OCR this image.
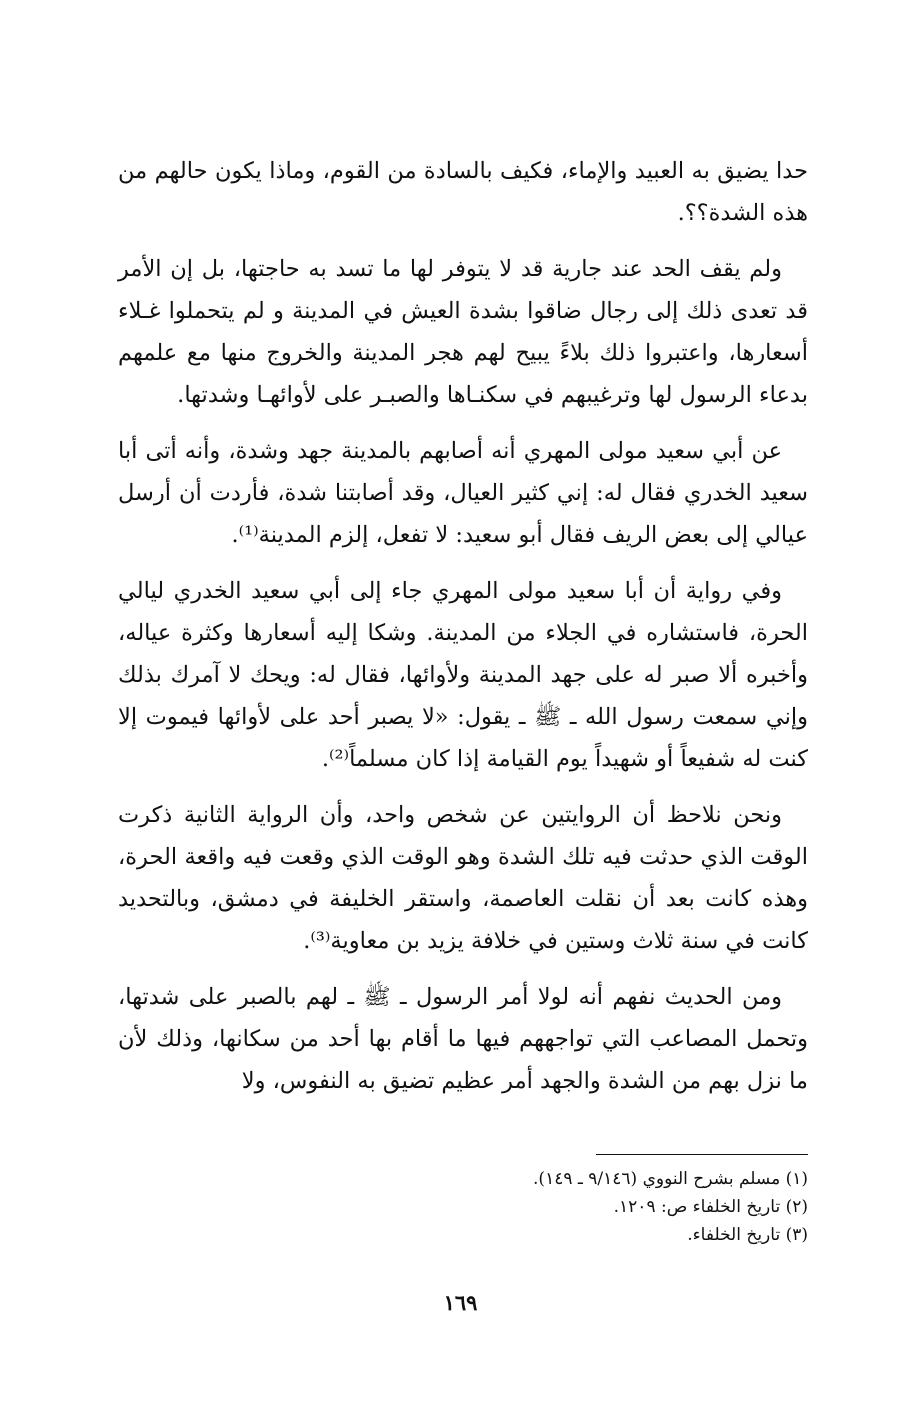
حدا يضيق به العبيد والإماء، فكيف بالسادة من القوم، وماذا يكون حالهم من هذه الشدة؟؟.

ولم يقف الحد عند جارية قد لا يتوفر لها ما تسد به حاجتها، بل إن الأمر قد تعدى ذلك إلى رجال ضاقوا بشدة العيش في المدينة و لم يتحملوا غـلاء أسعارها، واعتبروا ذلك بلاءً يبيح لهم هجر المدينة والخروج منها مع علمهم بدعاء الرسول لها وترغيبهم في سكنـاها والصبـر على لأوائهـا وشدتها.

عن أبي سعيد مولى المهري أنه أصابهم بالمدينة جهد وشدة، وأنه أتى أبا سعيد الخدري فقال له: إني كثير العيال، وقد أصابتنا شدة، فأردت أن أرسل عيالي إلى بعض الريف فقال أبو سعيد: لا تفعل، إلزم المدينة⁽¹⁾.

وفي رواية أن أبا سعيد مولى المهري جاء إلى أبي سعيد الخدري ليالي الحرة، فاستشاره في الجلاء من المدينة. وشكا إليه أسعارها وكثرة عياله، وأخبره ألا صبر له على جهد المدينة ولأوائها، فقال له: ويحك لا آمرك بذلك وإني سمعت رسول الله ـ ﷺ ـ يقول: «لا يصبر أحد على لأوائها فيموت إلا كنت له شفيعاً أو شهيداً يوم القيامة إذا كان مسلماً⁽²⁾.

ونحن نلاحظ أن الروايتين عن شخص واحد، وأن الرواية الثانية ذكرت الوقت الذي حدثت فيه تلك الشدة وهو الوقت الذي وقعت فيه واقعة الحرة، وهذه كانت بعد أن نقلت العاصمة، واستقر الخليفة في دمشق، وبالتحديد كانت في سنة ثلاث وستين في خلافة يزيد بن معاوية⁽³⁾.

ومن الحديث نفهم أنه لولا أمر الرسول ـ ﷺ ـ لهم بالصبر على شدتها، وتحمل المصاعب التي تواجههم فيها ما أقام بها أحد من سكانها، وذلك لأن ما نزل بهم من الشدة والجهد أمر عظيم تضيق به النفوس، ولا

(١) مسلم بشرح النووي (٩/١٤٦ ـ ١٤٩).

(٢) تاريخ الخلفاء ص: ١٢٠٩.

(٣) تاريخ الخلفاء.

١٦٩
